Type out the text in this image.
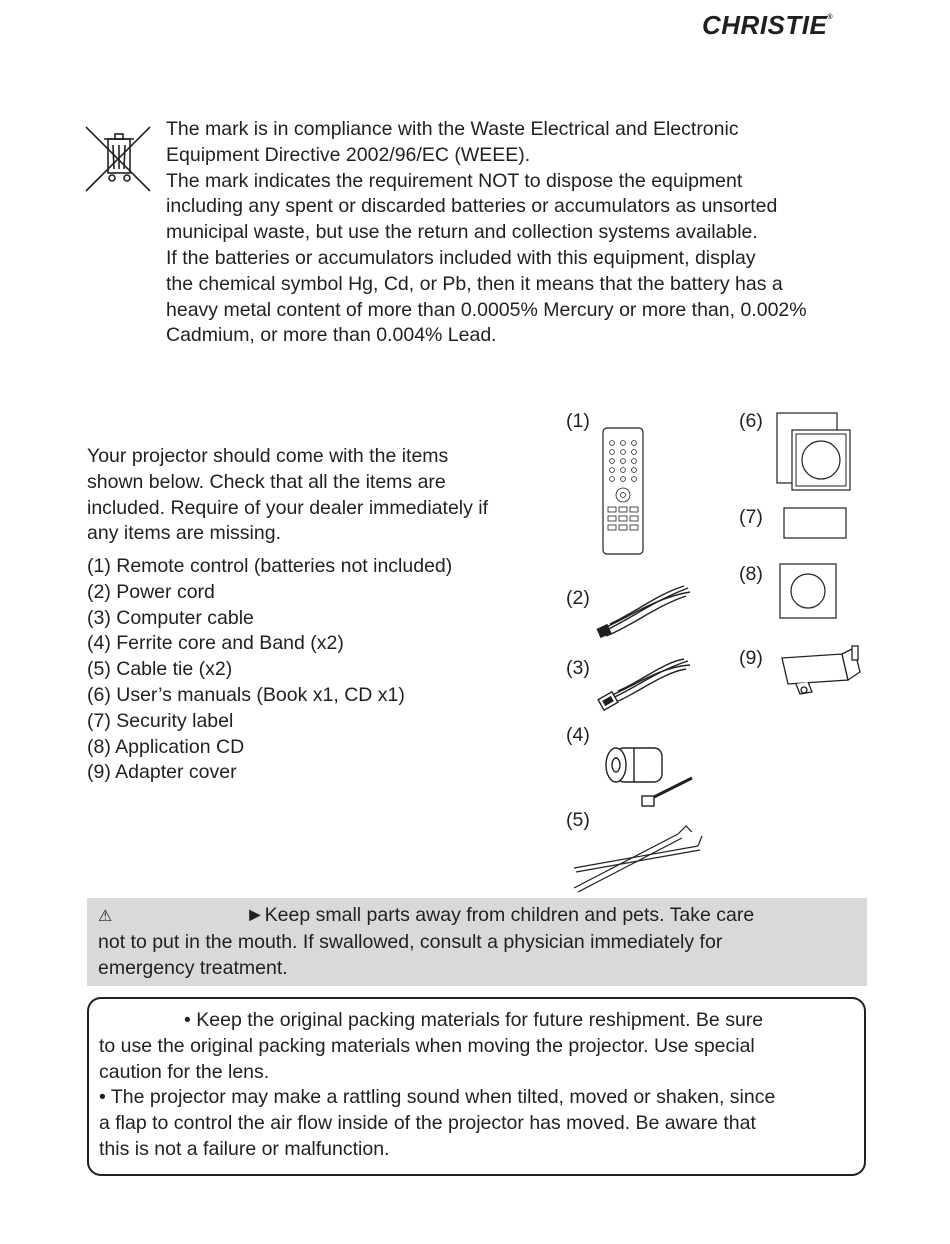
CHRISTIE®
The mark is in compliance with the Waste Electrical and Electronic
Equipment Directive 2002/96/EC (WEEE).
The mark indicates the requirement NOT to dispose the equipment
including any spent or discarded batteries or accumulators as unsorted
municipal waste, but use the return and collection systems available.
If the batteries or accumulators included with this equipment, display
the chemical symbol Hg, Cd, or Pb, then it means that the battery has a
heavy metal content of more than 0.0005% Mercury or more than, 0.002%
Cadmium, or more than 0.004% Lead.
Your projector should come with the items
shown below. Check that all the items are
included. Require of your dealer immediately if
any items are missing.
(1) Remote control (batteries not included)
(2) Power cord
(3) Computer cable
(4) Ferrite core and Band (x2)
(5) Cable tie (x2)
(6) User’s manuals (Book x1, CD x1)
(7) Security label
(8) Application CD
(9) Adapter cover
(1)
(2)
(3)
(4)
(5)
(6)
(7)
(8)
(9)
⚠	►Keep small parts away from children and pets. Take care
not to put in the mouth. If swallowed, consult a physician immediately for
emergency treatment.
• Keep the original packing materials for future reshipment. Be sure
to use the original packing materials when moving the projector. Use special
caution for the lens.
• The projector may make a rattling sound when tilted, moved or shaken, since
a flap to control the air flow inside of the projector has moved. Be aware that
this is not a failure or malfunction.
